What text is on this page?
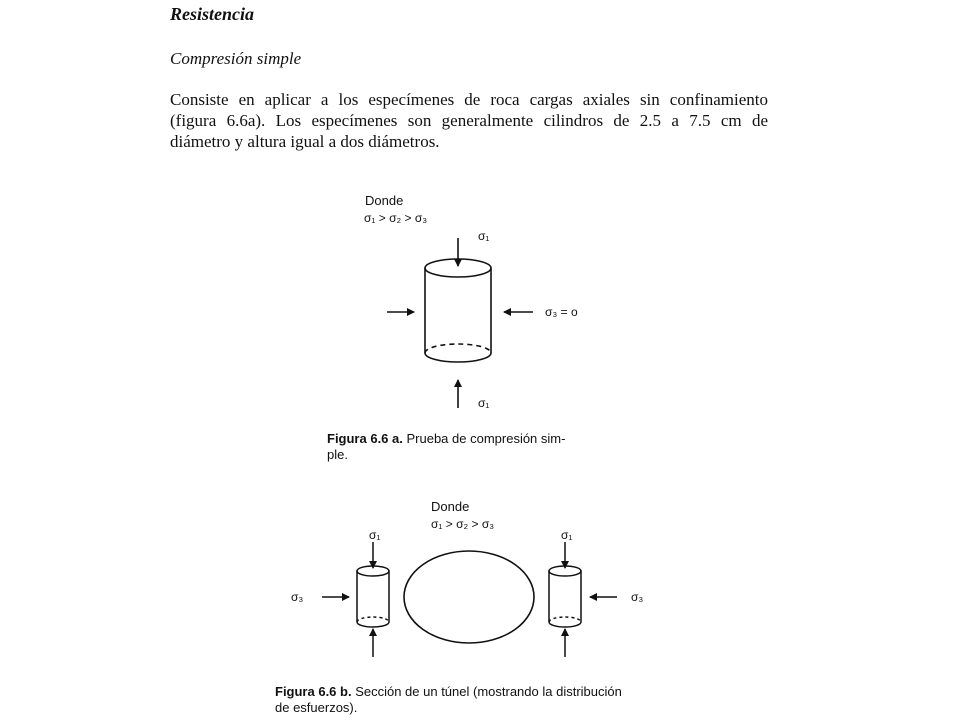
Resistencia
Compresión simple
Consiste en aplicar a los especímenes de roca cargas axiales sin confinamiento
(figura 6.6a). Los especímenes son generalmente cilindros de 2.5 a 7.5 cm de
diámetro y altura igual a dos diámetros.
Donde
σ₁ > σ₂ > σ₃
σ₁
σ₁
σ₃ = o
Donde
σ₁ > σ₂ > σ₃
σ₁
σ₃
σ₁
σ₃
Figura 6.6 a. Prueba de compresión sim-
ple.
Figura 6.6 b. Sección de un túnel (mostrando la distribución
de esfuerzos).
